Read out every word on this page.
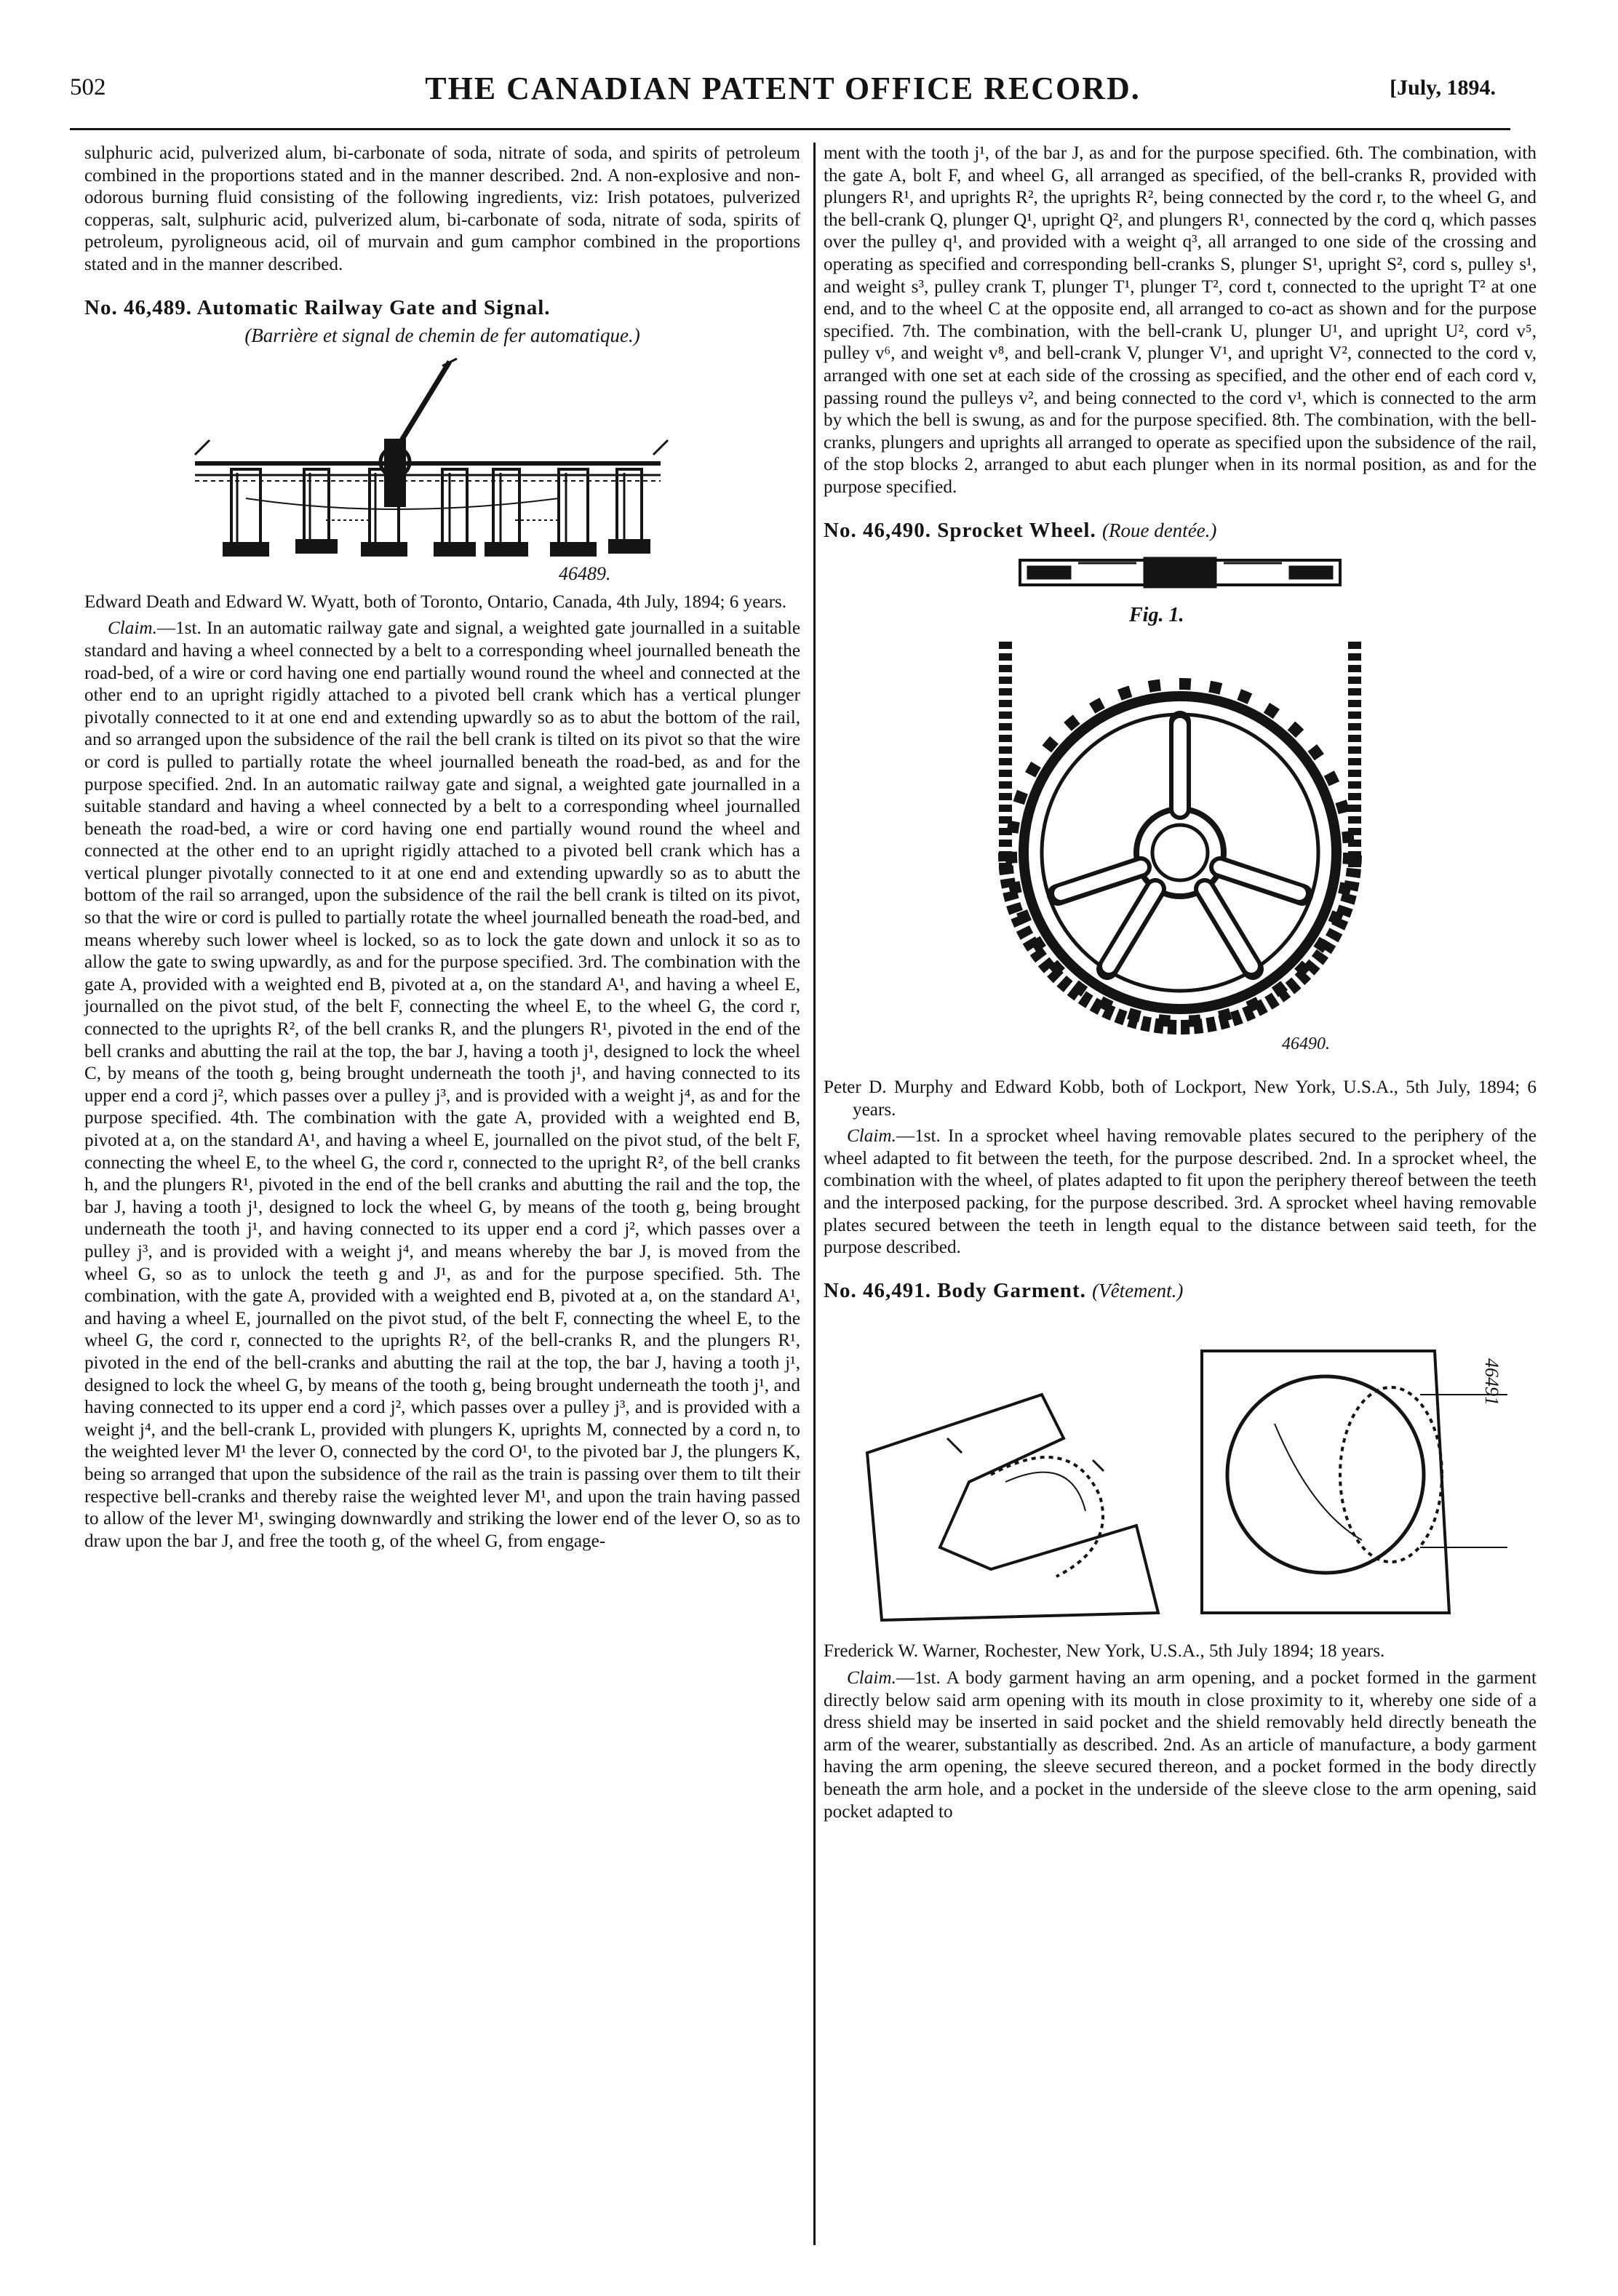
502	THE CANADIAN PATENT OFFICE RECORD.	[July, 1894.

sulphuric acid, pulverized alum, bi-carbonate of soda, nitrate of soda, and spirits of petroleum combined in the proportions stated and in the manner described. 2nd. A non-explosive and non-odorous burning fluid consisting of the following ingredients, viz: Irish potatoes, pulverized copperas, salt, sulphuric acid, pulverized alum, bi-carbonate of soda, nitrate of soda, spirits of petroleum, pyroligneous acid, oil of murvain and gum camphor combined in the proportions stated and in the manner described.

No. 46,489. Automatic Railway Gate and Signal.
(Barrière et signal de chemin de fer automatique.)
46489.

Edward Death and Edward W. Wyatt, both of Toronto, Ontario, Canada, 4th July, 1894; 6 years.

Claim.—1st. In an automatic railway gate and signal, a weighted gate journalled in a suitable standard and having a wheel connected by a belt to a corresponding wheel journalled beneath the road-bed, of a wire or cord having one end partially wound round the wheel and connected at the other end to an upright rigidly attached to a pivoted bell crank which has a vertical plunger pivotally connected to it at one end and extending upwardly so as to abut the bottom of the rail, and so arranged upon the subsidence of the rail the bell crank is tilted on its pivot so that the wire or cord is pulled to partially rotate the wheel journalled beneath the road-bed, as and for the purpose specified. 2nd. In an automatic railway gate and signal, a weighted gate journalled in a suitable standard and having a wheel connected by a belt to a corresponding wheel journalled beneath the road-bed, a wire or cord having one end partially wound round the wheel and connected at the other end to an upright rigidly attached to a pivoted bell crank which has a vertical plunger pivotally connected to it at one end and extending upwardly so as to abutt the bottom of the rail so arranged, upon the subsidence of the rail the bell crank is tilted on its pivot, so that the wire or cord is pulled to partially rotate the wheel journalled beneath the road-bed, and means whereby such lower wheel is locked, so as to lock the gate down and unlock it so as to allow the gate to swing upwardly, as and for the purpose specified. 3rd. The combination with the gate A, provided with a weighted end B, pivoted at a, on the standard A¹, and having a wheel E, journalled on the pivot stud, of the belt F, connecting the wheel E, to the wheel G, the cord r, connected to the uprights R², of the bell cranks R, and the plungers R¹, pivoted in the end of the bell cranks and abutting the rail at the top, the bar J, having a tooth j¹, designed to lock the wheel C, by means of the tooth g, being brought underneath the tooth j¹, and having connected to its upper end a cord j², which passes over a pulley j³, and is provided with a weight j⁴, as and for the purpose specified. 4th. The combination with the gate A, provided with a weighted end B, pivoted at a, on the standard A¹, and having a wheel E, journalled on the pivot stud, of the belt F, connecting the wheel E, to the wheel G, the cord r, connected to the upright R², of the bell cranks h, and the plungers R¹, pivoted in the end of the bell cranks and abutting the rail and the top, the bar J, having a tooth j¹, designed to lock the wheel G, by means of the tooth g, being brought underneath the tooth j¹, and having connected to its upper end a cord j², which passes over a pulley j³, and is provided with a weight j⁴, and means whereby the bar J, is moved from the wheel G, so as to unlock the teeth g and J¹, as and for the purpose specified. 5th. The combination, with the gate A, provided with a weighted end B, pivoted at a, on the standard A¹, and having a wheel E, journalled on the pivot stud, of the belt F, connecting the wheel E, to the wheel G, the cord r, connected to the uprights R², of the bell-cranks R, and the plungers R¹, pivoted in the end of the bell-cranks and abutting the rail at the top, the bar J, having a tooth j¹, designed to lock the wheel G, by means of the tooth g, being brought underneath the tooth j¹, and having connected to its upper end a cord j², which passes over a pulley j³, and is provided with a weight j⁴, and the bell-crank L, provided with plungers K, uprights M, connected by a cord n, to the weighted lever M¹ the lever O, connected by the cord O¹, to the pivoted bar J, the plungers K, being so arranged that upon the subsidence of the rail as the train is passing over them to tilt their respective bell-cranks and thereby raise the weighted lever M¹, and upon the train having passed to allow of the lever M¹, swinging downwardly and striking the lower end of the lever O, so as to draw upon the bar J, and free the tooth g, of the wheel G, from engage-

ment with the tooth j¹, of the bar J, as and for the purpose specified. 6th. The combination, with the gate A, bolt F, and wheel G, all arranged as specified, of the bell-cranks R, provided with plungers R¹, and uprights R², the uprights R², being connected by the cord r, to the wheel G, and the bell-crank Q, plunger Q¹, upright Q², and plungers R¹, connected by the cord q, which passes over the pulley q¹, and provided with a weight q³, all arranged to one side of the crossing and operating as specified and corresponding bell-cranks S, plunger S¹, upright S², cord s, pulley s¹, and weight s³, pulley crank T, plunger T¹, plunger T², cord t, connected to the upright T² at one end, and to the wheel C at the opposite end, all arranged to co-act as shown and for the purpose specified. 7th. The combination, with the bell-crank U, plunger U¹, and upright U², cord v⁵, pulley v⁶, and weight v⁸, and bell-crank V, plunger V¹, and upright V², connected to the cord v, arranged with one set at each side of the crossing as specified, and the other end of each cord v, passing round the pulleys v², and being connected to the cord v¹, which is connected to the arm by which the bell is swung, as and for the purpose specified. 8th. The combination, with the bell-cranks, plungers and uprights all arranged to operate as specified upon the subsidence of the rail, of the stop blocks 2, arranged to abut each plunger when in its normal position, as and for the purpose specified.

No. 46,490. Sprocket Wheel. (Roue dentée.)
Fig. 1.
46490.

Peter D. Murphy and Edward Kobb, both of Lockport, New York, U.S.A., 5th July, 1894; 6 years.

Claim.—1st. In a sprocket wheel having removable plates secured to the periphery of the wheel adapted to fit between the teeth, for the purpose described. 2nd. In a sprocket wheel, the combination with the wheel, of plates adapted to fit upon the periphery thereof between the teeth and the interposed packing, for the purpose described. 3rd. A sprocket wheel having removable plates secured between the teeth in length equal to the distance between said teeth, for the purpose described.

No. 46,491. Body Garment. (Vêtement.)
46491

Frederick W. Warner, Rochester, New York, U.S.A., 5th July 1894; 18 years.

Claim.—1st. A body garment having an arm opening, and a pocket formed in the garment directly below said arm opening with its mouth in close proximity to it, whereby one side of a dress shield may be inserted in said pocket and the shield removably held directly beneath the arm of the wearer, substantially as described. 2nd. As an article of manufacture, a body garment having the arm opening, the sleeve secured thereon, and a pocket formed in the body directly beneath the arm hole, and a pocket in the underside of the sleeve close to the arm opening, said pocket adapted to
